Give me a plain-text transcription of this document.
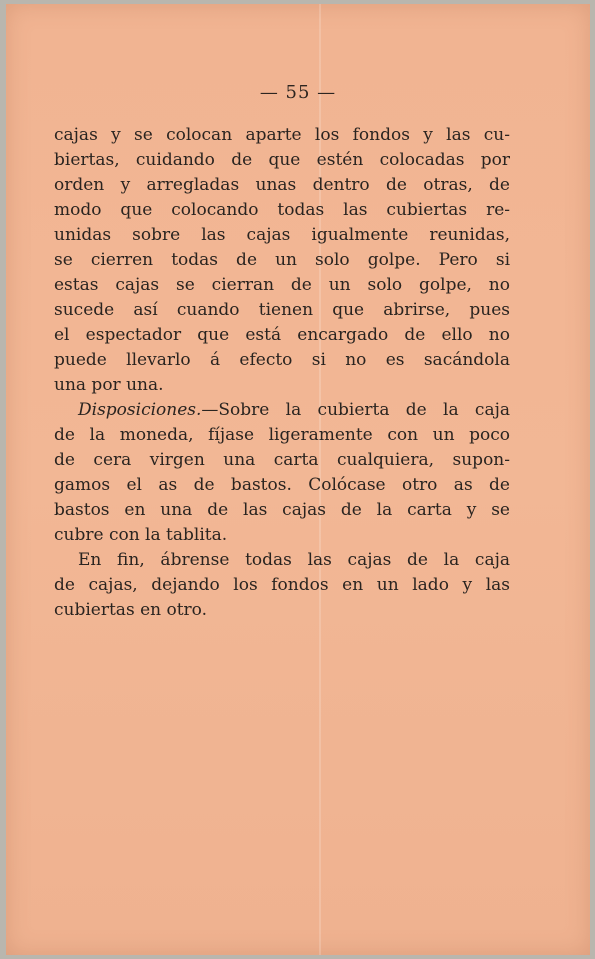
— 55 —
cajas y se colocan aparte los fondos y las cu-
biertas, cuidando de que estén colocadas por
orden y arregladas unas dentro de otras, de
modo que colocando todas las cubiertas re-
unidas sobre las cajas igualmente reunidas,
se cierren todas de un solo golpe. Pero si
estas cajas se cierran de un solo golpe, no
sucede así cuando tienen que abrirse, pues
el espectador que está encargado de ello no
puede llevarlo á efecto si no es sacándola
una por una.
Disposiciones.—Sobre la cubierta de la caja
de la moneda, fíjase ligeramente con un poco
de cera virgen una carta cualquiera, supon-
gamos el as de bastos. Colócase otro as de
bastos en una de las cajas de la carta y se
cubre con la tablita.
En fin, ábrense todas las cajas de la caja
de cajas, dejando los fondos en un lado y las
cubiertas en otro.
